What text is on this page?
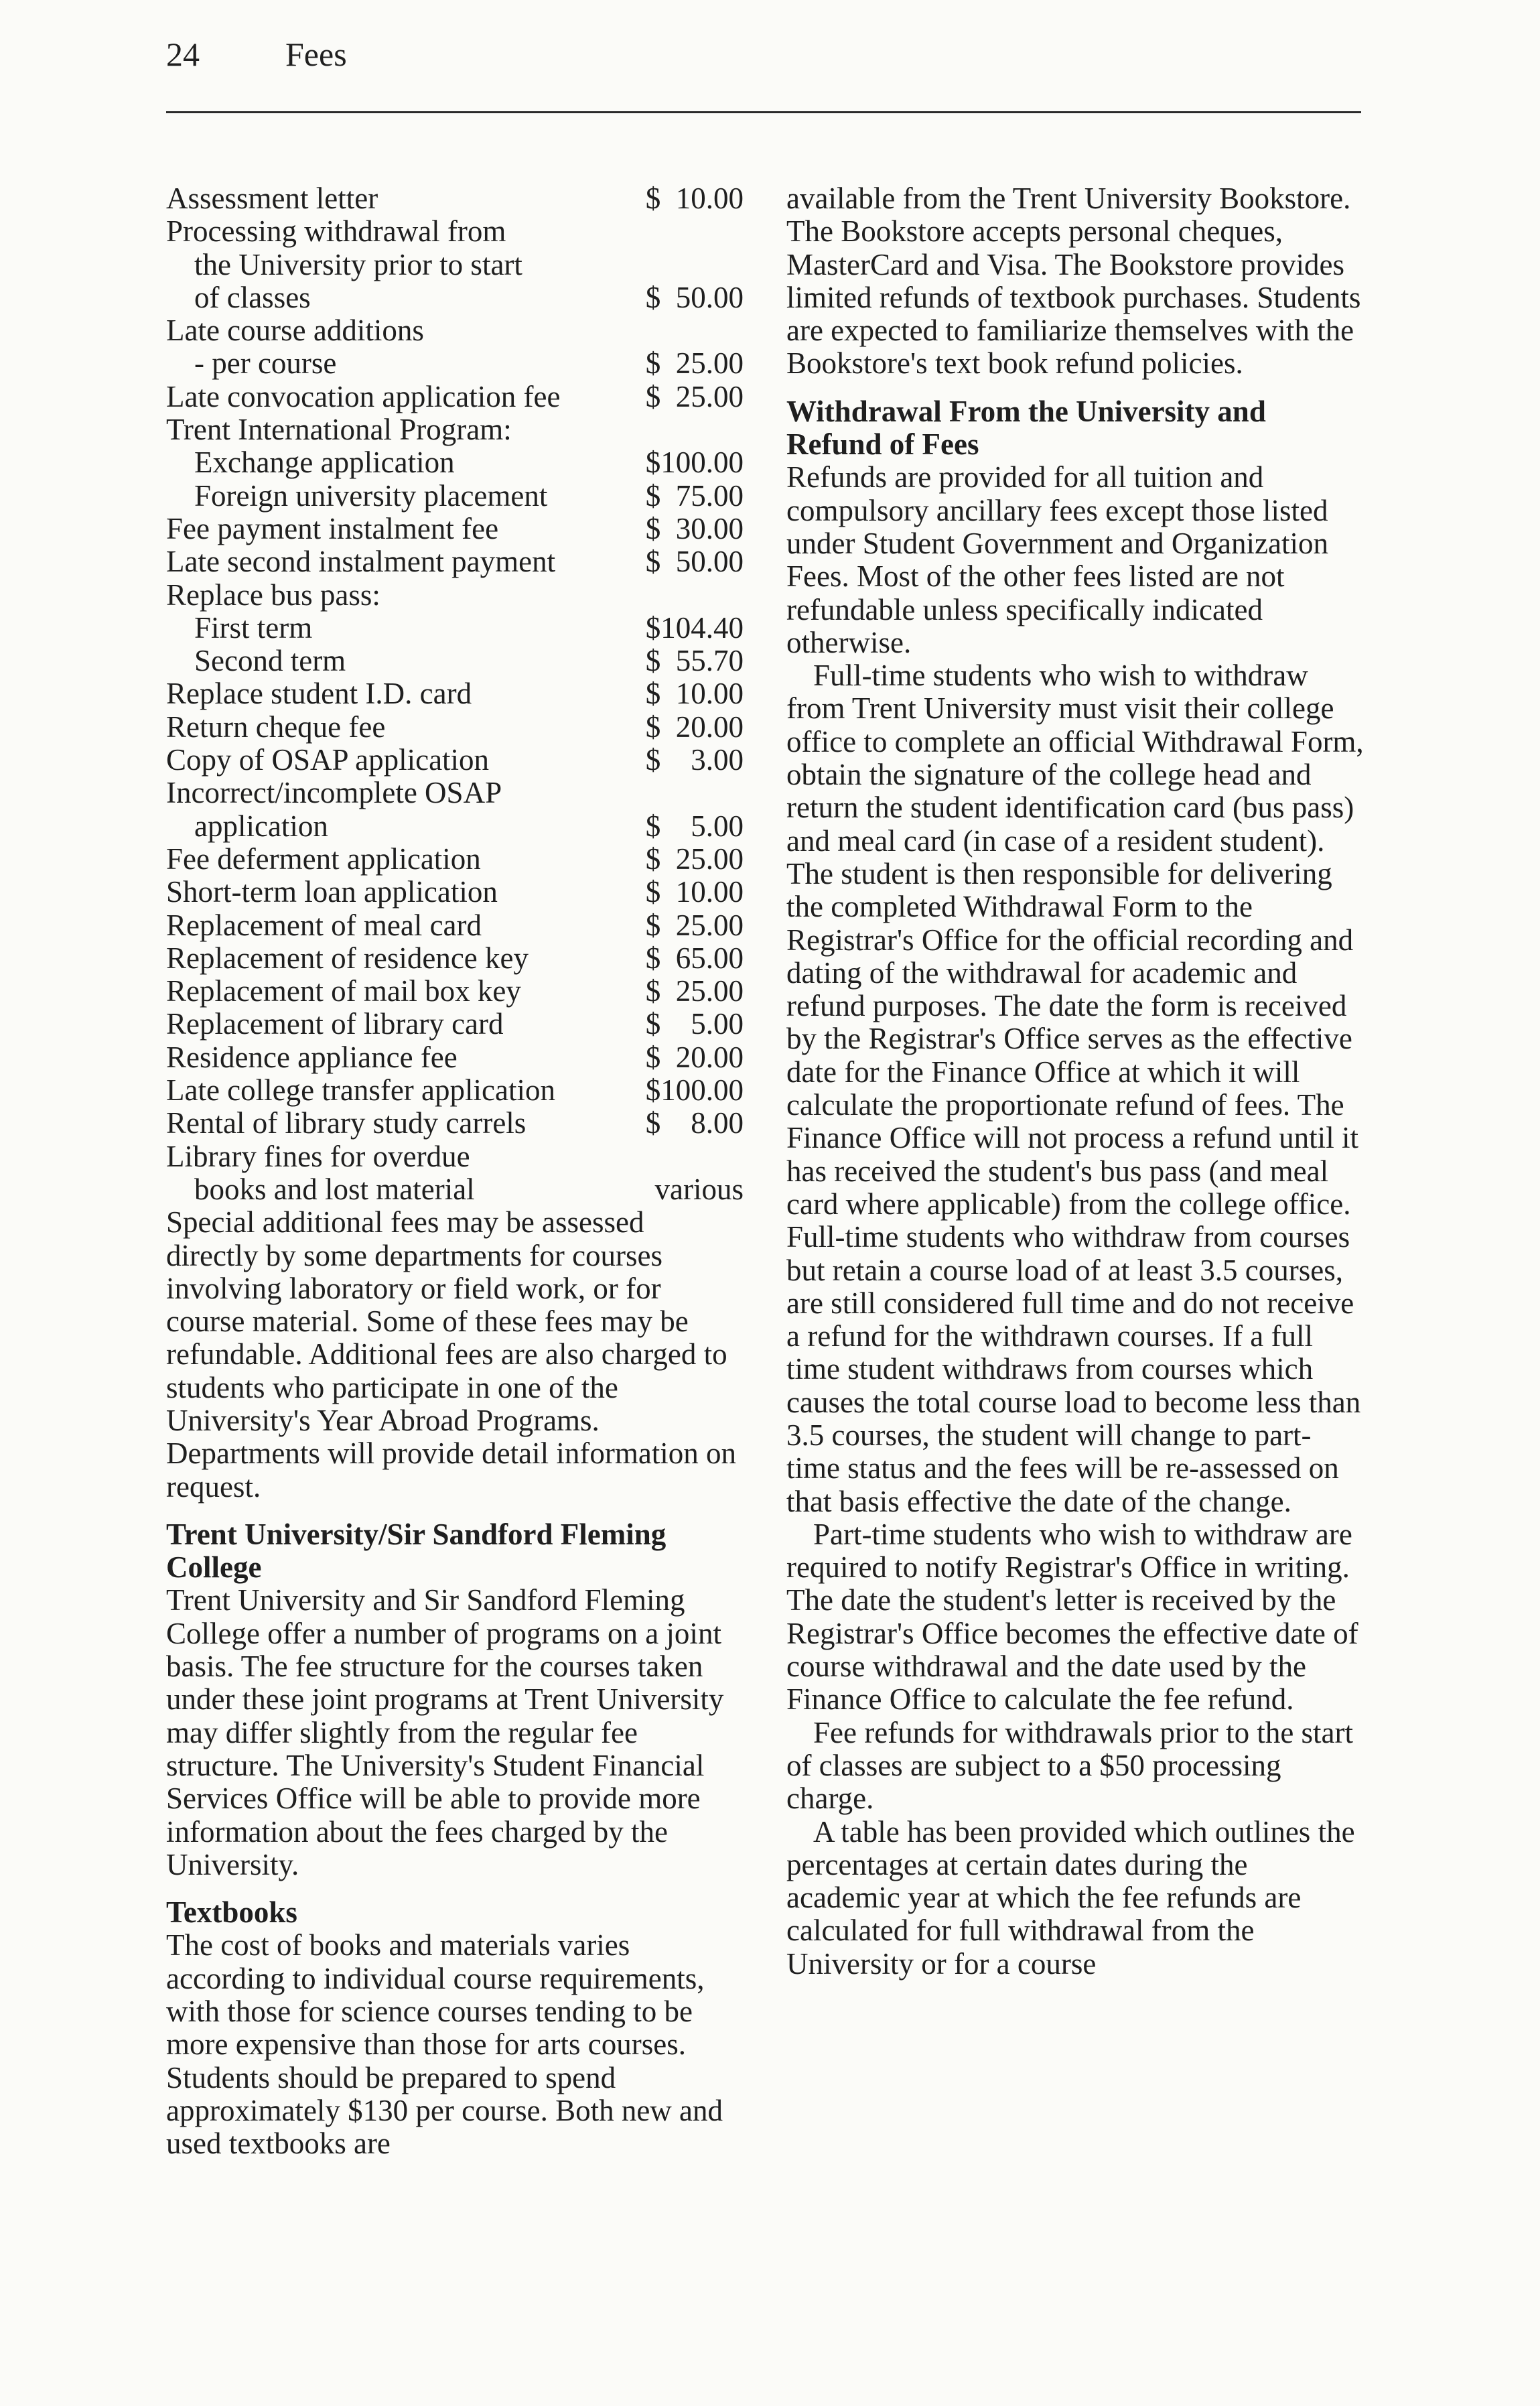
24	Fees
Assessment letter	$  10.00
Processing withdrawal from
the University prior to start
of classes	$  50.00
Late course additions
- per course	$  25.00
Late convocation application fee	$  25.00
Trent International Program:
Exchange application	$100.00
Foreign university placement	$  75.00
Fee payment instalment fee	$  30.00
Late second instalment payment	$  50.00
Replace bus pass:
First term	$104.40
Second term	$  55.70
Replace student I.D. card	$  10.00
Return cheque fee	$  20.00
Copy of OSAP application	$    3.00
Incorrect/incomplete OSAP
application	$    5.00
Fee deferment application	$  25.00
Short-term loan application	$  10.00
Replacement of meal card	$  25.00
Replacement of residence key	$  65.00
Replacement of mail box key	$  25.00
Replacement of library card	$    5.00
Residence appliance fee	$  20.00
Late college transfer application	$100.00
Rental of library study carrels	$    8.00
Library fines for overdue
books and lost material	various

Special additional fees may be assessed directly by some departments for courses involving laboratory or field work, or for course material. Some of these fees may be refundable. Additional fees are also charged to students who participate in one of the University's Year Abroad Programs. Departments will provide detail information on request.

Trent University/Sir Sandford Fleming College

Trent University and Sir Sandford Fleming College offer a number of programs on a joint basis. The fee structure for the courses taken under these joint programs at Trent University may differ slightly from the regular fee structure. The University's Student Financial Services Office will be able to provide more information about the fees charged by the University.

Textbooks

The cost of books and materials varies according to individual course requirements, with those for science courses tending to be more expensive than those for arts courses. Students should be prepared to spend approximately $130 per course. Both new and used textbooks are

available from the Trent University Bookstore. The Bookstore accepts personal cheques, MasterCard and Visa. The Bookstore provides limited refunds of textbook purchases. Students are expected to familiarize themselves with the Bookstore's text book refund policies.

Withdrawal From the University and Refund of Fees

Refunds are provided for all tuition and compulsory ancillary fees except those listed under Student Government and Organization Fees. Most of the other fees listed are not refundable unless specifically indicated otherwise.

Full-time students who wish to withdraw from Trent University must visit their college office to complete an official Withdrawal Form, obtain the signature of the college head and return the student identification card (bus pass) and meal card (in case of a resident student). The student is then responsible for delivering the completed Withdrawal Form to the Registrar's Office for the official recording and dating of the withdrawal for academic and refund purposes. The date the form is received by the Registrar's Office serves as the effective date for the Finance Office at which it will calculate the proportionate refund of fees. The Finance Office will not process a refund until it has received the student's bus pass (and meal card where applicable) from the college office. Full-time students who withdraw from courses but retain a course load of at least 3.5 courses, are still considered full time and do not receive a refund for the withdrawn courses. If a full time student withdraws from courses which causes the total course load to become less than 3.5 courses, the student will change to part-time status and the fees will be re-assessed on that basis effective the date of the change.

Part-time students who wish to withdraw are required to notify Registrar's Office in writing. The date the student's letter is received by the Registrar's Office becomes the effective date of course withdrawal and the date used by the Finance Office to calculate the fee refund.

Fee refunds for withdrawals prior to the start of classes are subject to a $50 processing charge.

A table has been provided which outlines the percentages at certain dates during the academic year at which the fee refunds are calculated for full withdrawal from the University or for a course
